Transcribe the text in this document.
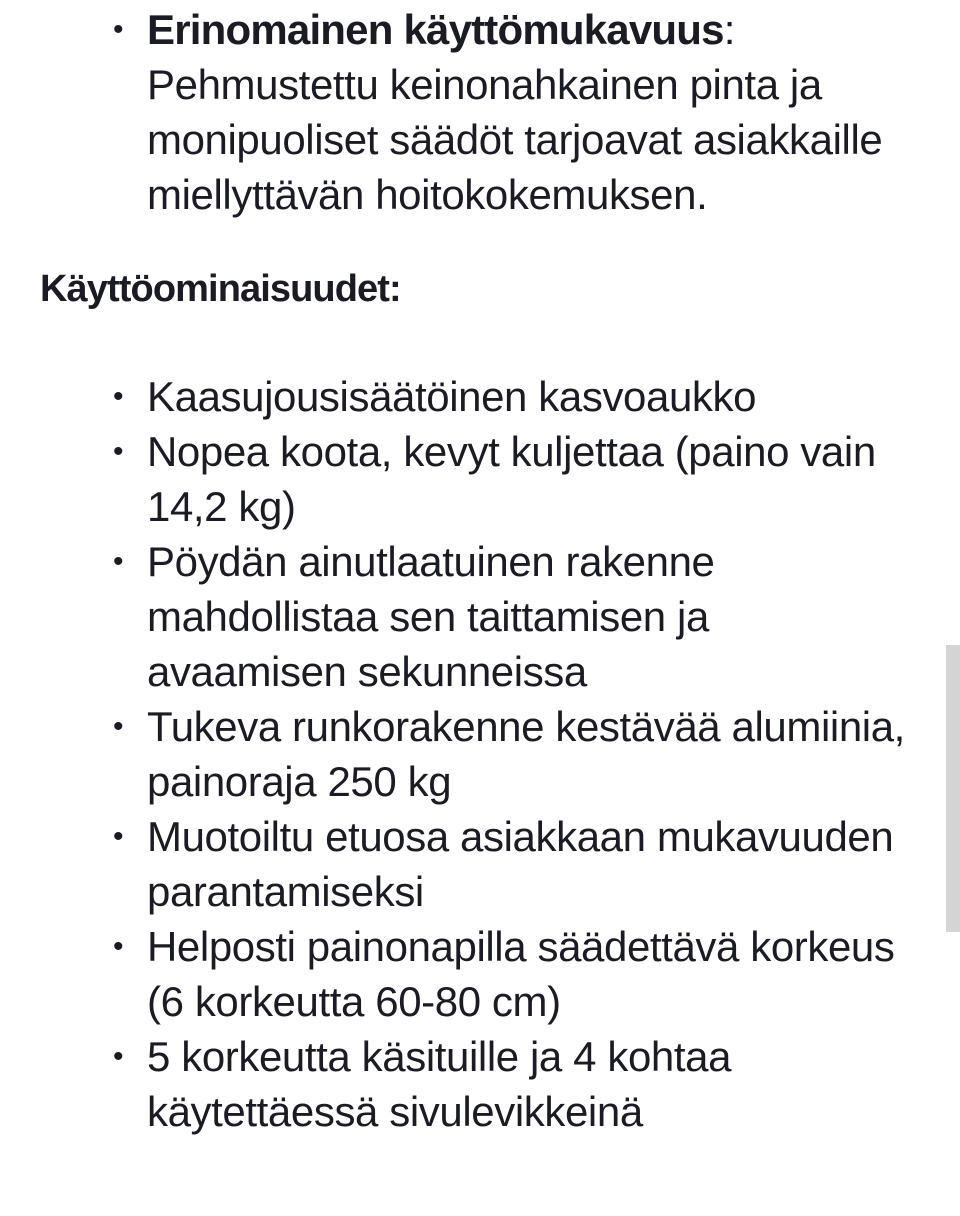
• Erinomainen käyttömukavuus: Pehmustettu keinonahkainen pinta ja monipuoliset säädöt tarjoavat asiakkaille miellyttävän hoitokokemuksen.
Käyttöominaisuudet:
• Kaasujousisäätöinen kasvoaukko
• Nopea koota, kevyt kuljettaa (paino vain 14,2 kg)
• Pöydän ainutlaatuinen rakenne mahdollistaa sen taittamisen ja avaamisen sekunneissa
• Tukeva runkorakenne kestävää alumiinia, painoraja 250 kg
• Muotoiltu etuosa asiakkaan mukavuuden parantamiseksi
• Helposti painonapilla säädettävä korkeus (6 korkeutta 60-80 cm)
• 5 korkeutta käsituille ja 4 kohtaa käytettäessä sivulevikkeinä
